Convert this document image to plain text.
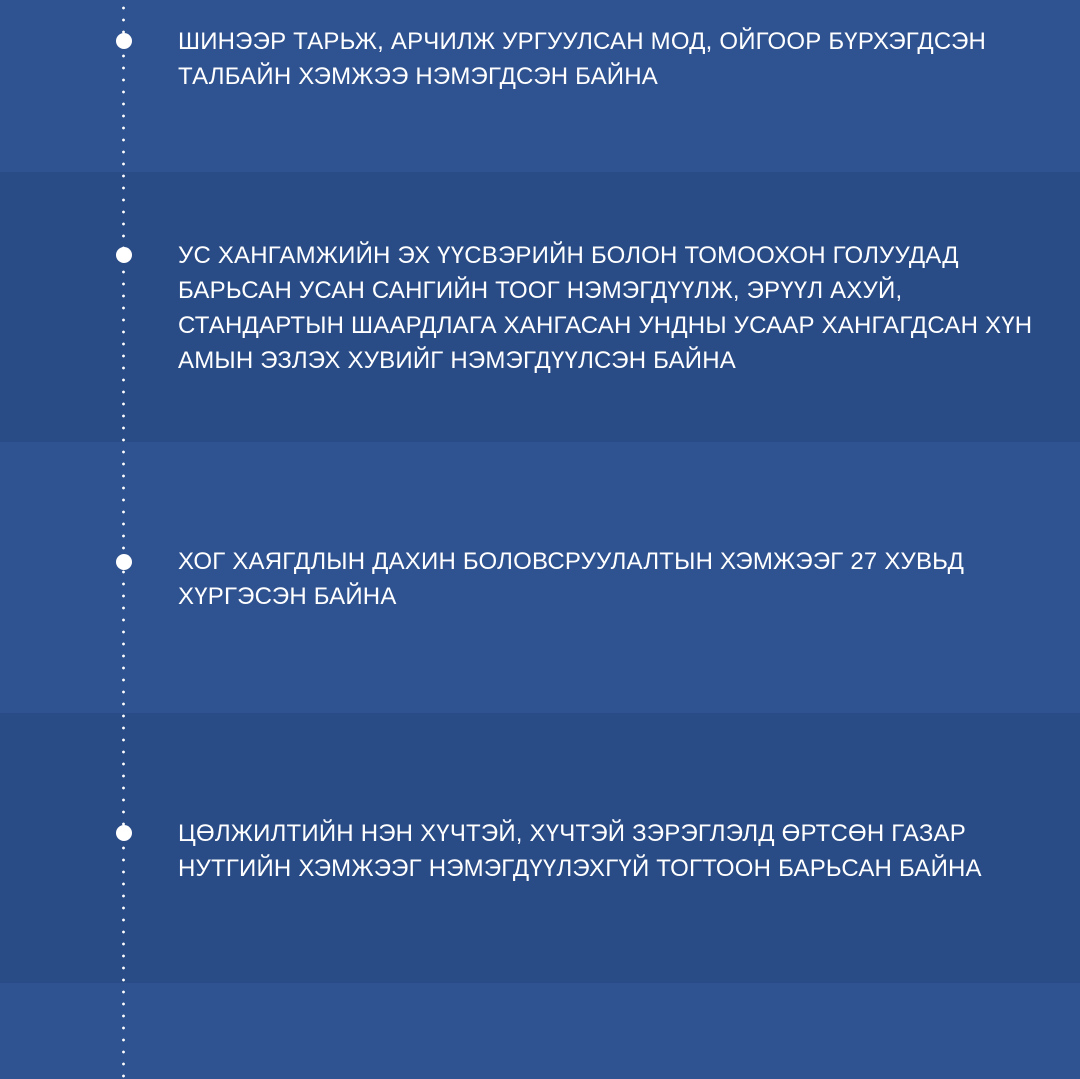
ШИНЭЭР ТАРЬЖ, АРЧИЛЖ УРГУУЛСАН МОД, ОЙГООР БҮРХЭГДСЭН ТАЛБАЙН ХЭМЖЭЭ НЭМЭГДСЭН БАЙНА

УС ХАНГАМЖИЙН ЭХ ҮҮСВЭРИЙН БОЛОН ТОМООХОН ГОЛУУДАД БАРЬСАН УСАН САНГИЙН ТООГ НЭМЭГДҮҮЛЖ, ЭРҮҮЛ АХУЙ, СТАНДАРТЫН ШААРДЛАГА ХАНГАСАН УНДНЫ УСААР ХАНГАГДСАН ХҮН АМЫН ЭЗЛЭХ ХУВИЙГ НЭМЭГДҮҮЛСЭН БАЙНА

ХОГ ХАЯГДЛЫН ДАХИН БОЛОВСРУУЛАЛТЫН ХЭМЖЭЭГ 27 ХУВЬД ХҮРГЭСЭН БАЙНА

ЦӨЛЖИЛТИЙН НЭН ХҮЧТЭЙ, ХҮЧТЭЙ ЗЭРЭГЛЭЛД ӨРТСӨН ГАЗАР НУТГИЙН ХЭМЖЭЭГ НЭМЭГДҮҮЛЭХГҮЙ ТОГТООН БАРЬСАН БАЙНА
